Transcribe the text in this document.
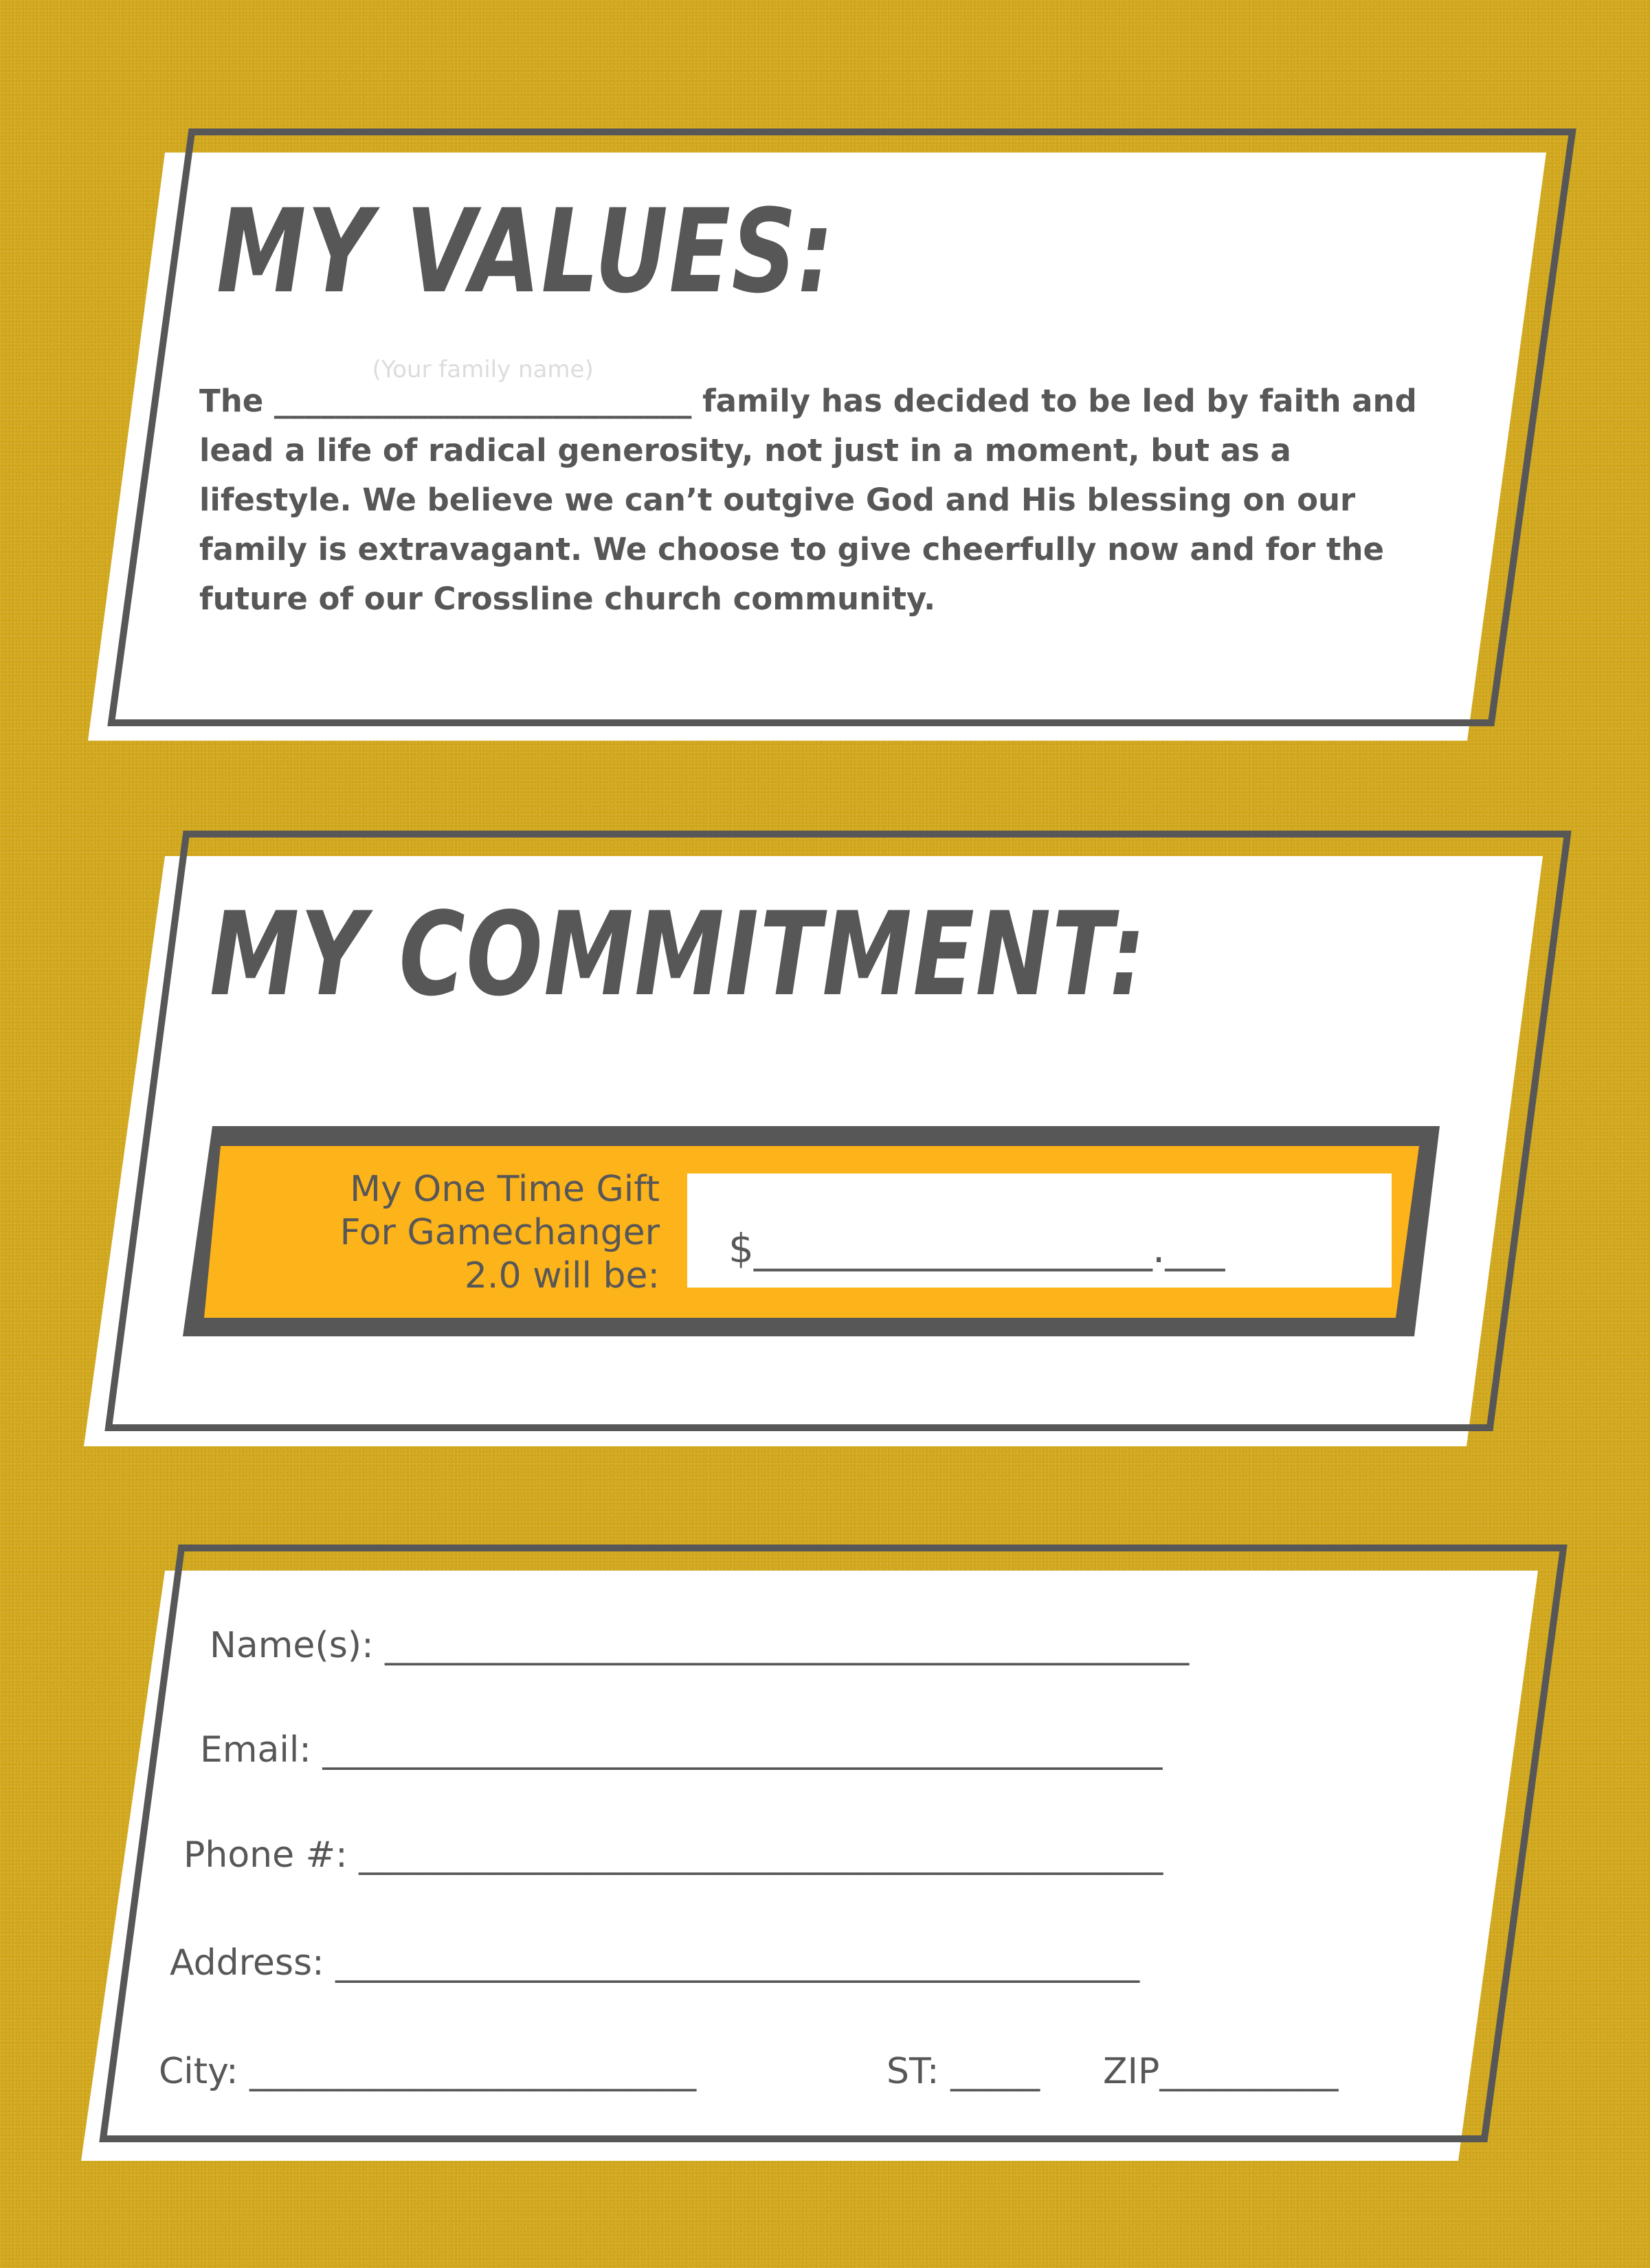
MY VALUES:

The
(Your family name)
___________________________ family has decided to be led by faith and lead a life of radical generosity, not just in a moment, but as a lifestyle. We believe we can’t outgive God and His blessing on our family is extravagant. We choose to give cheerfully now and for the future of our Crossline church community.

MY COMMITMENT:

My One Time Gift
For Gamechanger
2.0 will be:

$____________________.___
Name(s): _____________________________________________
Email: _______________________________________________
Phone #: _____________________________________________
Address: _____________________________________________
City: _________________________	ST: _____ ZIP__________
